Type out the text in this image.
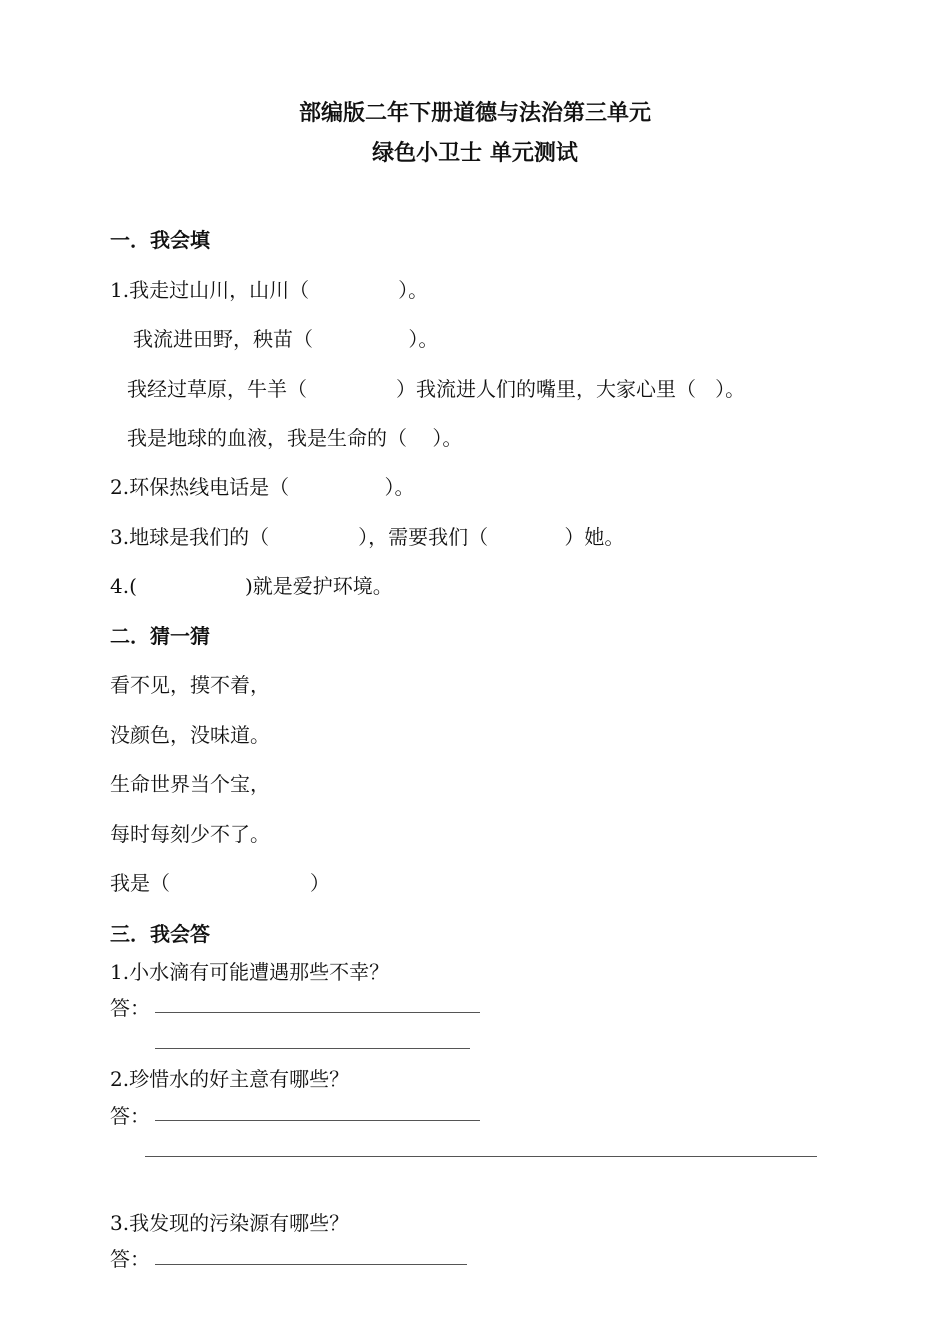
部编版二年下册道德与法治第三单元
绿色小卫士 单元测试
一．我会填
1.我走过山川，山川（              ）。
我流进田野，秧苗（               ）。
我经过草原，牛羊（              ）我流进人们的嘴里，大家心里（   ）。
我是地球的血液，我是生命的（    ）。
2.环保热线电话是（               ）。
3.地球是我们的（              ），需要我们（            ）她。
4.(                 )就是爱护环境。
二．猜一猜
看不见，摸不着，
没颜色，没味道。
生命世界当个宝，
每时每刻少不了。
我是（                      ）
三．我会答
1.小水滴有可能遭遇那些不幸？
答：
2.珍惜水的好主意有哪些？
答：
3.我发现的污染源有哪些？
答：
